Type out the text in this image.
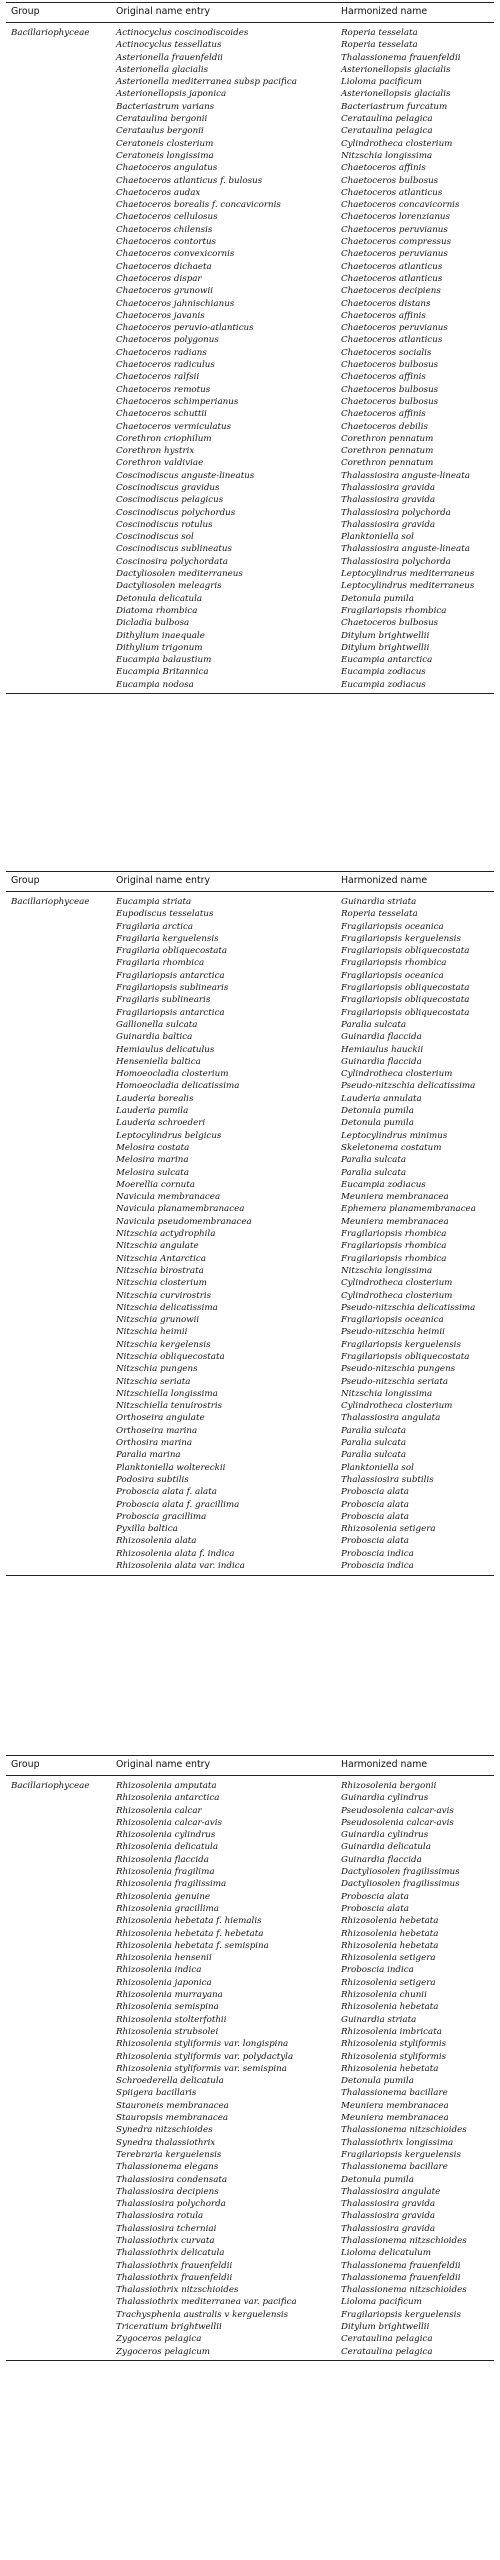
Group	Original name entry	Harmonized name
Bacillariophyceae	Actinocyclus coscinodiscoides	Roperia tesselata
Actinocyclus tessellatus	Roperia tesselata
Asterionella frauenfeldii	Thalassionema frauenfeldii
Asterionella glacialis	Asterionellopsis glacialis
Asterionella mediterranea subsp pacifica	Lioloma pacificum
Asterionellopsis japonica	Asterionellopsis glacialis
Bacteriastrum varians	Bacteriastrum furcatum
Cerataulina bergonii	Cerataulina pelagica
Cerataulus bergonii	Cerataulina pelagica
Ceratoneis closterium	Cylindrotheca closterium
Ceratoneis longissima	Nitzschia longissima
Chaetoceros angulatus	Chaetoceros affinis
Chaetoceros atlanticus f. bulosus	Chaetoceros bulbosus
Chaetoceros audax	Chaetoceros atlanticus
Chaetoceros borealis f. concavicornis	Chaetoceros concavicornis
Chaetoceros cellulosus	Chaetoceros lorenzianus
Chaetoceros chilensis	Chaetoceros peruvianus
Chaetoceros contortus	Chaetoceros compressus
Chaetoceros convexicornis	Chaetoceros peruvianus
Chaetoceros dichaeta	Chaetoceros atlanticus
Chaetoceros dispar	Chaetoceros atlanticus
Chaetoceros grunowii	Chaetoceros decipiens
Chaetoceros jahnischianus	Chaetoceros distans
Chaetoceros javanis	Chaetoceros affinis
Chaetoceros peruvio-atlanticus	Chaetoceros peruvianus
Chaetoceros polygonus	Chaetoceros atlanticus
Chaetoceros radians	Chaetoceros socialis
Chaetoceros radiculus	Chaetoceros bulbosus
Chaetoceros ralfsii	Chaetoceros affinis
Chaetoceros remotus	Chaetoceros bulbosus
Chaetoceros schimperianus	Chaetoceros bulbosus
Chaetoceros schuttii	Chaetoceros affinis
Chaetoceros vermiculatus	Chaetoceros debilis
Corethron criophilum	Corethron pennatum
Corethron hystrix	Corethron pennatum
Corethron valdiviae	Corethron pennatum
Coscinodiscus anguste-lineatus	Thalassiosira anguste-lineata
Coscinodiscus gravidus	Thalassiosira gravida
Coscinodiscus pelagicus	Thalassiosira gravida
Coscinodiscus polychordus	Thalassiosira polychorda
Coscinodiscus rotulus	Thalassiosira gravida
Coscinodiscus sol	Planktoniella sol
Coscinodiscus sublineatus	Thalassiosira anguste-lineata
Coscinosira polychordata	Thalassiosira polychorda
Dactyliosolen mediterraneus	Leptocylindrus mediterraneus
Dactyliosolen meleagris	Leptocylindrus mediterraneus
Detonula delicatula	Detonula pumila
Diatoma rhombica	Fragilariopsis rhombica
Dicladia bulbosa	Chaetoceros bulbosus
Dithylium inaequale	Ditylum brightwellii
Dithylium trigonum	Ditylum brightwellii
Eucampia balaustium	Eucampia antarctica
Eucampia Britannica	Eucampia zodiacus
Eucampia nodosa	Eucampia zodiacus
Group	Original name entry	Harmonized name
Bacillariophyceae	Eucampia striata	Guinardia striata
Eupodiscus tesselatus	Roperia tesselata
Fragilaria arctica	Fragilariopsis oceanica
Fragilaria kerguelensis	Fragilariopsis kerguelensis
Fragilaria obliquecostata	Fragilariopsis obliquecostata
Fragilaria rhombica	Fragilariopsis rhombica
Fragilariopsis antarctica	Fragilariopsis oceanica
Fragilariopsis sublinearis	Fragilariopsis obliquecostata
Fragilaris sublinearis	Fragilariopsis obliquecostata
Fragilariopsis antarctica	Fragilariopsis obliquecostata
Gallionella sulcata	Paralia sulcata
Guinardia baltica	Guinardia flaccida
Hemiaulus delicatulus	Hemiaulus hauckii
Henseniella baltica	Guinardia flaccida
Homoeocladia closterium	Cylindrotheca closterium
Homoeocladia delicatissima	Pseudo-nitzschia delicatissima
Lauderia borealis	Lauderia annulata
Lauderia pumila	Detonula pumila
Lauderia schroederi	Detonula pumila
Leptocylindrus belgicus	Leptocylindrus minimus
Melosira costata	Skeletonema costatum
Melosira marina	Paralia sulcata
Melosira sulcata	Paralia sulcata
Moerellia cornuta	Eucampia zodiacus
Navicula membranacea	Meuniera membranacea
Navicula planamembranacea	Ephemera planamembranacea
Navicula pseudomembranacea	Meuniera membranacea
Nitzschia actydrophila	Fragilariopsis rhombica
Nitzschia angulate	Fragilariopsis rhombica
Nitzschia Antarctica	Fragilariopsis rhombica
Nitzschia birostrata	Nitzschia longissima
Nitzschia closterium	Cylindrotheca closterium
Nitzschia curvirostris	Cylindrotheca closterium
Nitzschia delicatissima	Pseudo-nitzschia delicatissima
Nitzschia grunowii	Fragilariopsis oceanica
Nitzschia heimii	Pseudo-nitzschia heimii
Nitzschia kergelensis	Fragilariopsis kerguelensis
Nitzschia obliquecostata	Fragilariopsis obliquecostata
Nitzschia pungens	Pseudo-nitzschia pungens
Nitzschia seriata	Pseudo-nitzschia seriata
Nitzschiella longissima	Nitzschia longissima
Nitzschiella tenuirostris	Cylindrotheca closterium
Orthoseira angulate	Thalassiosira angulata
Orthoseira marina	Paralia sulcata
Orthosira marina	Paralia sulcata
Paralia marina	Paralia sulcata
Planktoniella woltereckii	Planktoniella sol
Podosira subtilis	Thalassiosira subtilis
Proboscia alata f. alata	Proboscia alata
Proboscia alata f. gracillima	Proboscia alata
Proboscia gracillima	Proboscia alata
Pyxilla baltica	Rhizosolenia setigera
Rhizosolenia alata	Proboscia alata
Rhizosolenia alata f. indica	Proboscia indica
Rhizosolenia alata var. indica	Proboscia indica
Group	Original name entry	Harmonized name
Bacillariophyceae	Rhizosolenia amputata	Rhizosolenia bergonii
Rhizosolenia antarctica	Guinardia cylindrus
Rhizosolenia calcar	Pseudosolenia calcar-avis
Rhizosolenia calcar-avis	Pseudosolenia calcar-avis
Rhizosolenia cylindrus	Guinardia cylindrus
Rhizosolenia delicatula	Guinardia delicatula
Rhizosolenia flaccida	Guinardia flaccida
Rhizosolenia fragilima	Dactyliosolen fragilissimus
Rhizosolenia fragilissima	Dactyliosolen fragilissimus
Rhizosolenia genuine	Proboscia alata
Rhizosolenia gracillima	Proboscia alata
Rhizosolenia hebetata f. hiemalis	Rhizosolenia hebetata
Rhizosolenia hebetata f. hebetata	Rhizosolenia hebetata
Rhizosolenia hebetata f. semispina	Rhizosolenia hebetata
Rhizosolenia hensenii	Rhizosolenia setigera
Rhizosolenia indica	Proboscia indica
Rhizosolenia japonica	Rhizosolenia setigera
Rhizosolenia murrayana	Rhizosolenia chunii
Rhizosolenia semispina	Rhizosolenia hebetata
Rhizosolenia stolterfothii	Guinardia striata
Rhizosolenia strubsolei	Rhizosolenia imbricata
Rhizosolenia styliformis var. longispina	Rhizosolenia styliformis
Rhizosolenia styliformis var. polydactyla	Rhizosolenia styliformis
Rhizosolenia styliformis var. semispina	Rhizosolenia hebetata
Schroederella delicatula	Detonula pumila
Spiigera bacillaris	Thalassionema bacillare
Stauroneis membranacea	Meuniera membranacea
Stauropsis membranacea	Meuniera membranacea
Synedra nitzschioides	Thalassionema nitzschioides
Synedra thalassiothrix	Thalassiothrix longissima
Terebraria kerguelensis	Fragilariopsis kerguelensis
Thalassionema elegans	Thalassionema bacillare
Thalassiosira condensata	Detonula pumila
Thalassiosira decipiens	Thalassiosira angulate
Thalassiosira polychorda	Thalassiosira gravida
Thalassiosira rotula	Thalassiosira gravida
Thalassiosira tcherniai	Thalassiosira gravida
Thalassiothrix curvata	Thalassionema nitzschioides
Thalassiothrix delicatula	Lioloma delicatulum
Thalassiothrix frauenfeldii	Thalassionema frauenfeldii
Thalassiothrix frauenfeldii	Thalassionema frauenfeldii
Thalassiothrix nitzschioides	Thalassionema nitzschioides
Thalassiothrix mediterranea var. pacifica	Lioloma pacificum
Trachysphenia australis v kerguelensis	Fragilariopsis kerguelensis
Triceratium brightwellii	Ditylum brightwellii
Zygoceros pelagica	Cerataulina pelagica
Zygoceros pelagicum	Cerataulina pelagica
